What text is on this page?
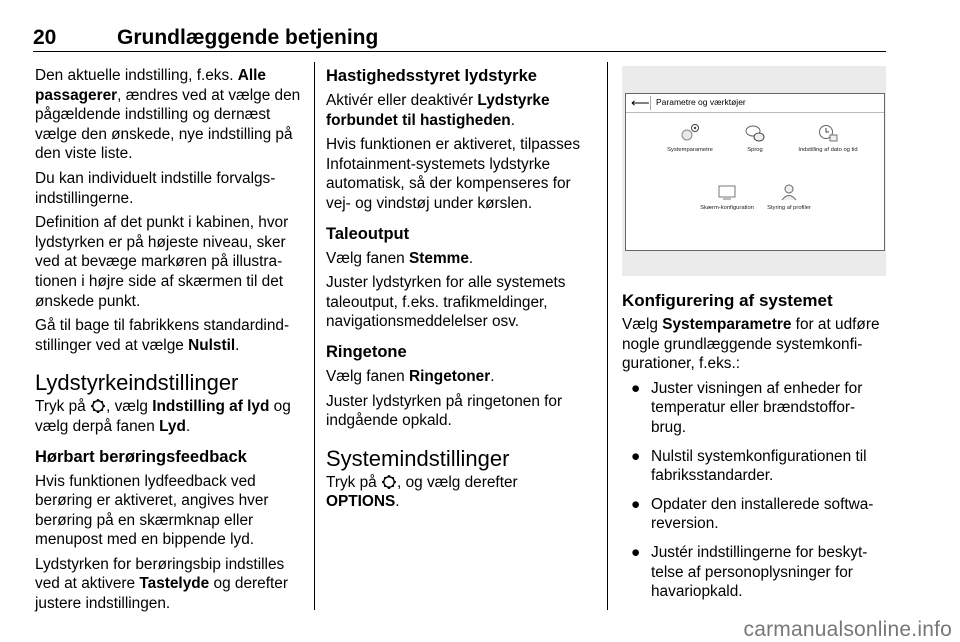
20	Grundlæggende betjening

Den aktuelle indstilling, f.eks. Alle passagerer, ændres ved at vælge den pågældende indstilling og dernæst vælge den ønskede, nye indstilling på den viste liste.

Du kan individuelt indstille forvalgs-indstillingerne.

Definition af det punkt i kabinen, hvor lydstyrken er på højeste niveau, sker ved at bevæge markøren på illustra-tionen i højre side af skærmen til det ønskede punkt.

Gå til bage til fabrikkens standardind-stillinger ved at vælge Nulstil.

Lydstyrkeindstillinger

Tryk på , vælg Indstilling af lyd og vælg derpå fanen Lyd.

Hørbart berøringsfeedback

Hvis funktionen lydfeedback ved berøring er aktiveret, angives hver berøring på en skærmknap eller menupost med en bippende lyd.

Lydstyrken for berøringsbip indstilles ved at aktivere Tastelyde og derefter justere indstillingen.

Hastighedsstyret lydstyrke

Aktivér eller deaktivér Lydstyrke forbundet til hastigheden.

Hvis funktionen er aktiveret, tilpasses Infotainment-systemets lydstyrke automatisk, så der kompenseres for vej- og vindstøj under kørslen.

Taleoutput

Vælg fanen Stemme.

Juster lydstyrken for alle systemets taleoutput, f.eks. trafikmeldinger, navigationsmeddelelser osv.

Ringetone

Vælg fanen Ringetoner.

Juster lydstyrken på ringetonen for indgående opkald.

Systemindstillinger

Tryk på , og vælg derefter OPTIONS.

⟵ Parametre og værktøjer
Systemparametre	Sprog	Indstilling af dato og tid
Skærm-konfiguration	Styring af profiler
Konfigurering af systemet

Vælg Systemparametre for at udføre nogle grundlæggende systemkonfi-gurationer, f.eks.:

● Juster visningen af enheder for temperatur eller brændstoffor-brug.
● Nulstil systemkonfigurationen til fabriksstandarder.
● Opdater den installerede softwa-reversion.
● Justér indstillingerne for beskyt-telse af personoplysninger for havariopkald.
carmanualsonline.info
